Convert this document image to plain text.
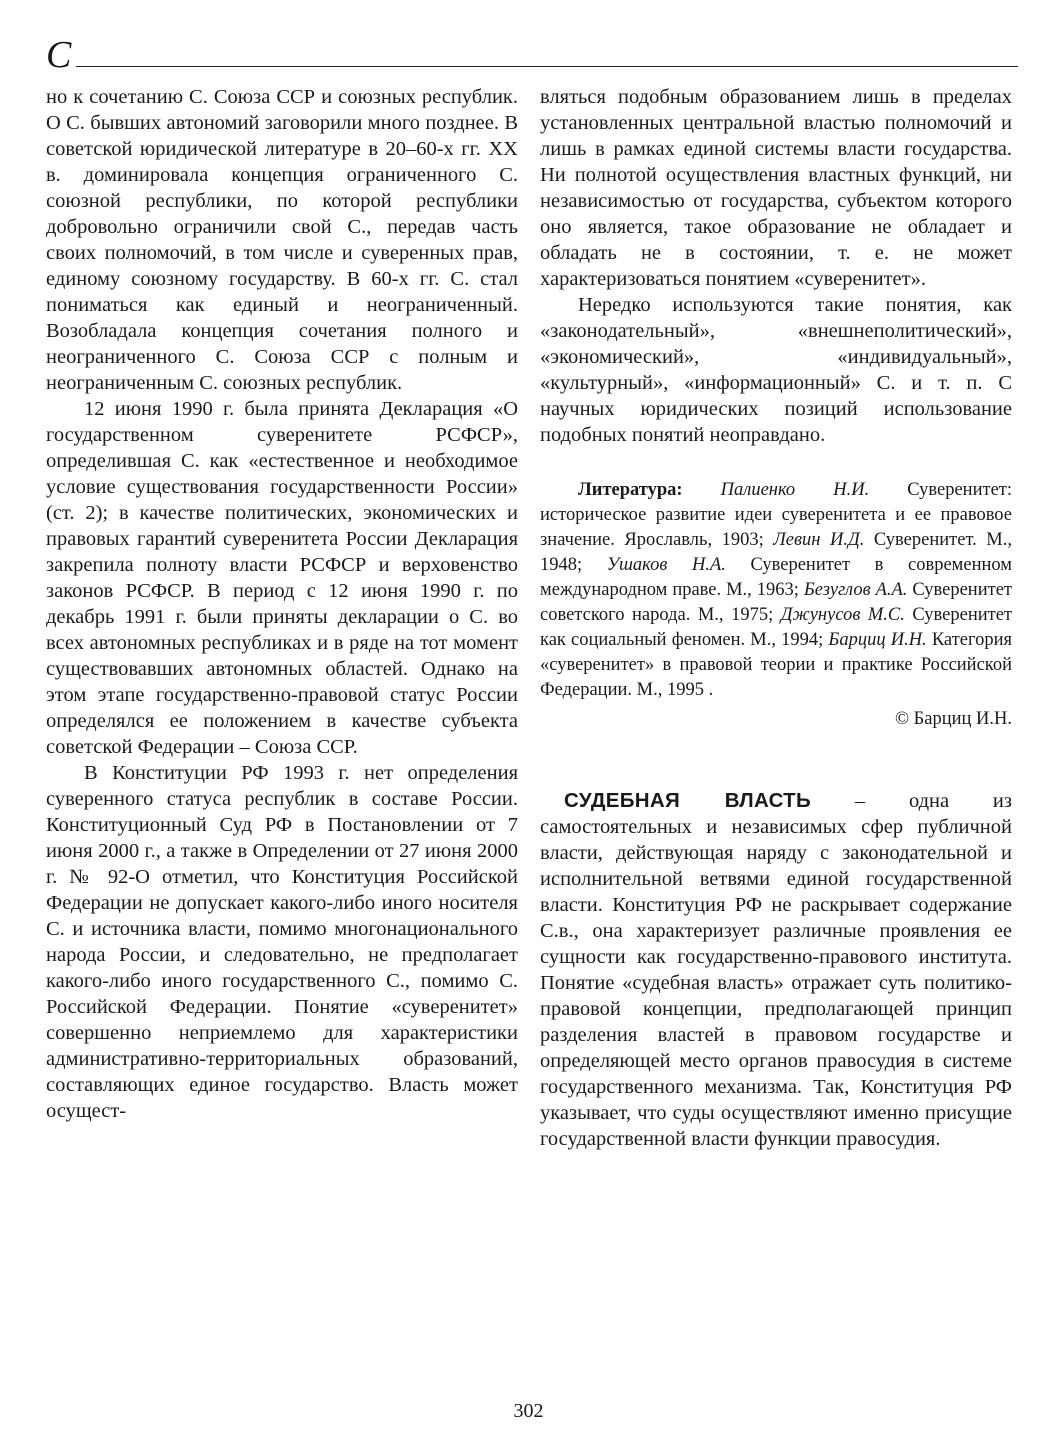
С

но к сочетанию С. Союза ССР и союзных республик. О С. бывших автономий заговорили много позднее. В советской юридической литературе в 20–60-х гг. XX в. доминировала концепция ограниченного С. союзной республики, по которой республики добровольно ограничили свой С., передав часть своих полномочий, в том числе и суверенных прав, единому союзному государству. В 60-х гг. С. стал пониматься как единый и неограниченный. Возобладала концепция сочетания полного и неограниченного С. Союза ССР с полным и неограниченным С. союзных республик.

12 июня 1990 г. была принята Декларация «О государственном суверенитете РСФСР», определившая С. как «естественное и необходимое условие существования государственности России» (ст. 2); в качестве политических, экономических и правовых гарантий суверенитета России Декларация закрепила полноту власти РСФСР и верховенство законов РСФСР. В период с 12 июня 1990 г. по декабрь 1991 г. были приняты декларации о С. во всех автономных республиках и в ряде на тот момент существовавших автономных областей. Однако на этом этапе государственно-правовой статус России определялся ее положением в качестве субъекта советской Федерации – Союза ССР.

В Конституции РФ 1993 г. нет определения суверенного статуса республик в составе России. Конституционный Суд РФ в Постановлении от 7 июня 2000 г., а также в Определении от 27 июня 2000 г. № 92-О отметил, что Конституция Российской Федерации не допускает какого-либо иного носителя С. и источника власти, помимо многонационального народа России, и следовательно, не предполагает какого-либо иного государственного С., помимо С. Российской Федерации. Понятие «суверенитет» совершенно неприемлемо для характеристики административно-территориальных образований, составляющих единое государство. Власть может осущест-

вляться подобным образованием лишь в пределах установленных центральной властью полномочий и лишь в рамках единой системы власти государства. Ни полнотой осуществления властных функций, ни независимостью от государства, субъектом которого оно является, такое образование не обладает и обладать не в состоянии, т. е. не может характеризоваться понятием «суверенитет».

Нередко используются такие понятия, как «законодательный», «внешнеполитический», «экономический», «индивидуальный», «культурный», «информационный» С. и т. п. С научных юридических позиций использование подобных понятий неоправдано.

Литература: Палиенко Н.И. Суверенитет: историческое развитие идеи суверенитета и ее правовое значение. Ярославль, 1903; Левин И.Д. Суверенитет. М., 1948; Ушаков Н.А. Суверенитет в современном международном праве. М., 1963; Безуглов А.А. Суверенитет советского народа. М., 1975; Джунусов М.С. Суверенитет как социальный феномен. М., 1994; Барциц И.Н. Категория «суверенитет» в правовой теории и практике Российской Федерации. М., 1995 .

© Барциц И.Н.

СУДЕБНАЯ ВЛАСТЬ – одна из самостоятельных и независимых сфер публичной власти, действующая наряду с законодательной и исполнительной ветвями единой государственной власти. Конституция РФ не раскрывает содержание С.в., она характеризует различные проявления ее сущности как государственно-правового института. Понятие «судебная власть» отражает суть политико-правовой концепции, предполагающей принцип разделения властей в правовом государстве и определяющей место органов правосудия в системе государственного механизма. Так, Конституция РФ указывает, что суды осуществляют именно присущие государственной власти функции правосудия.

302
